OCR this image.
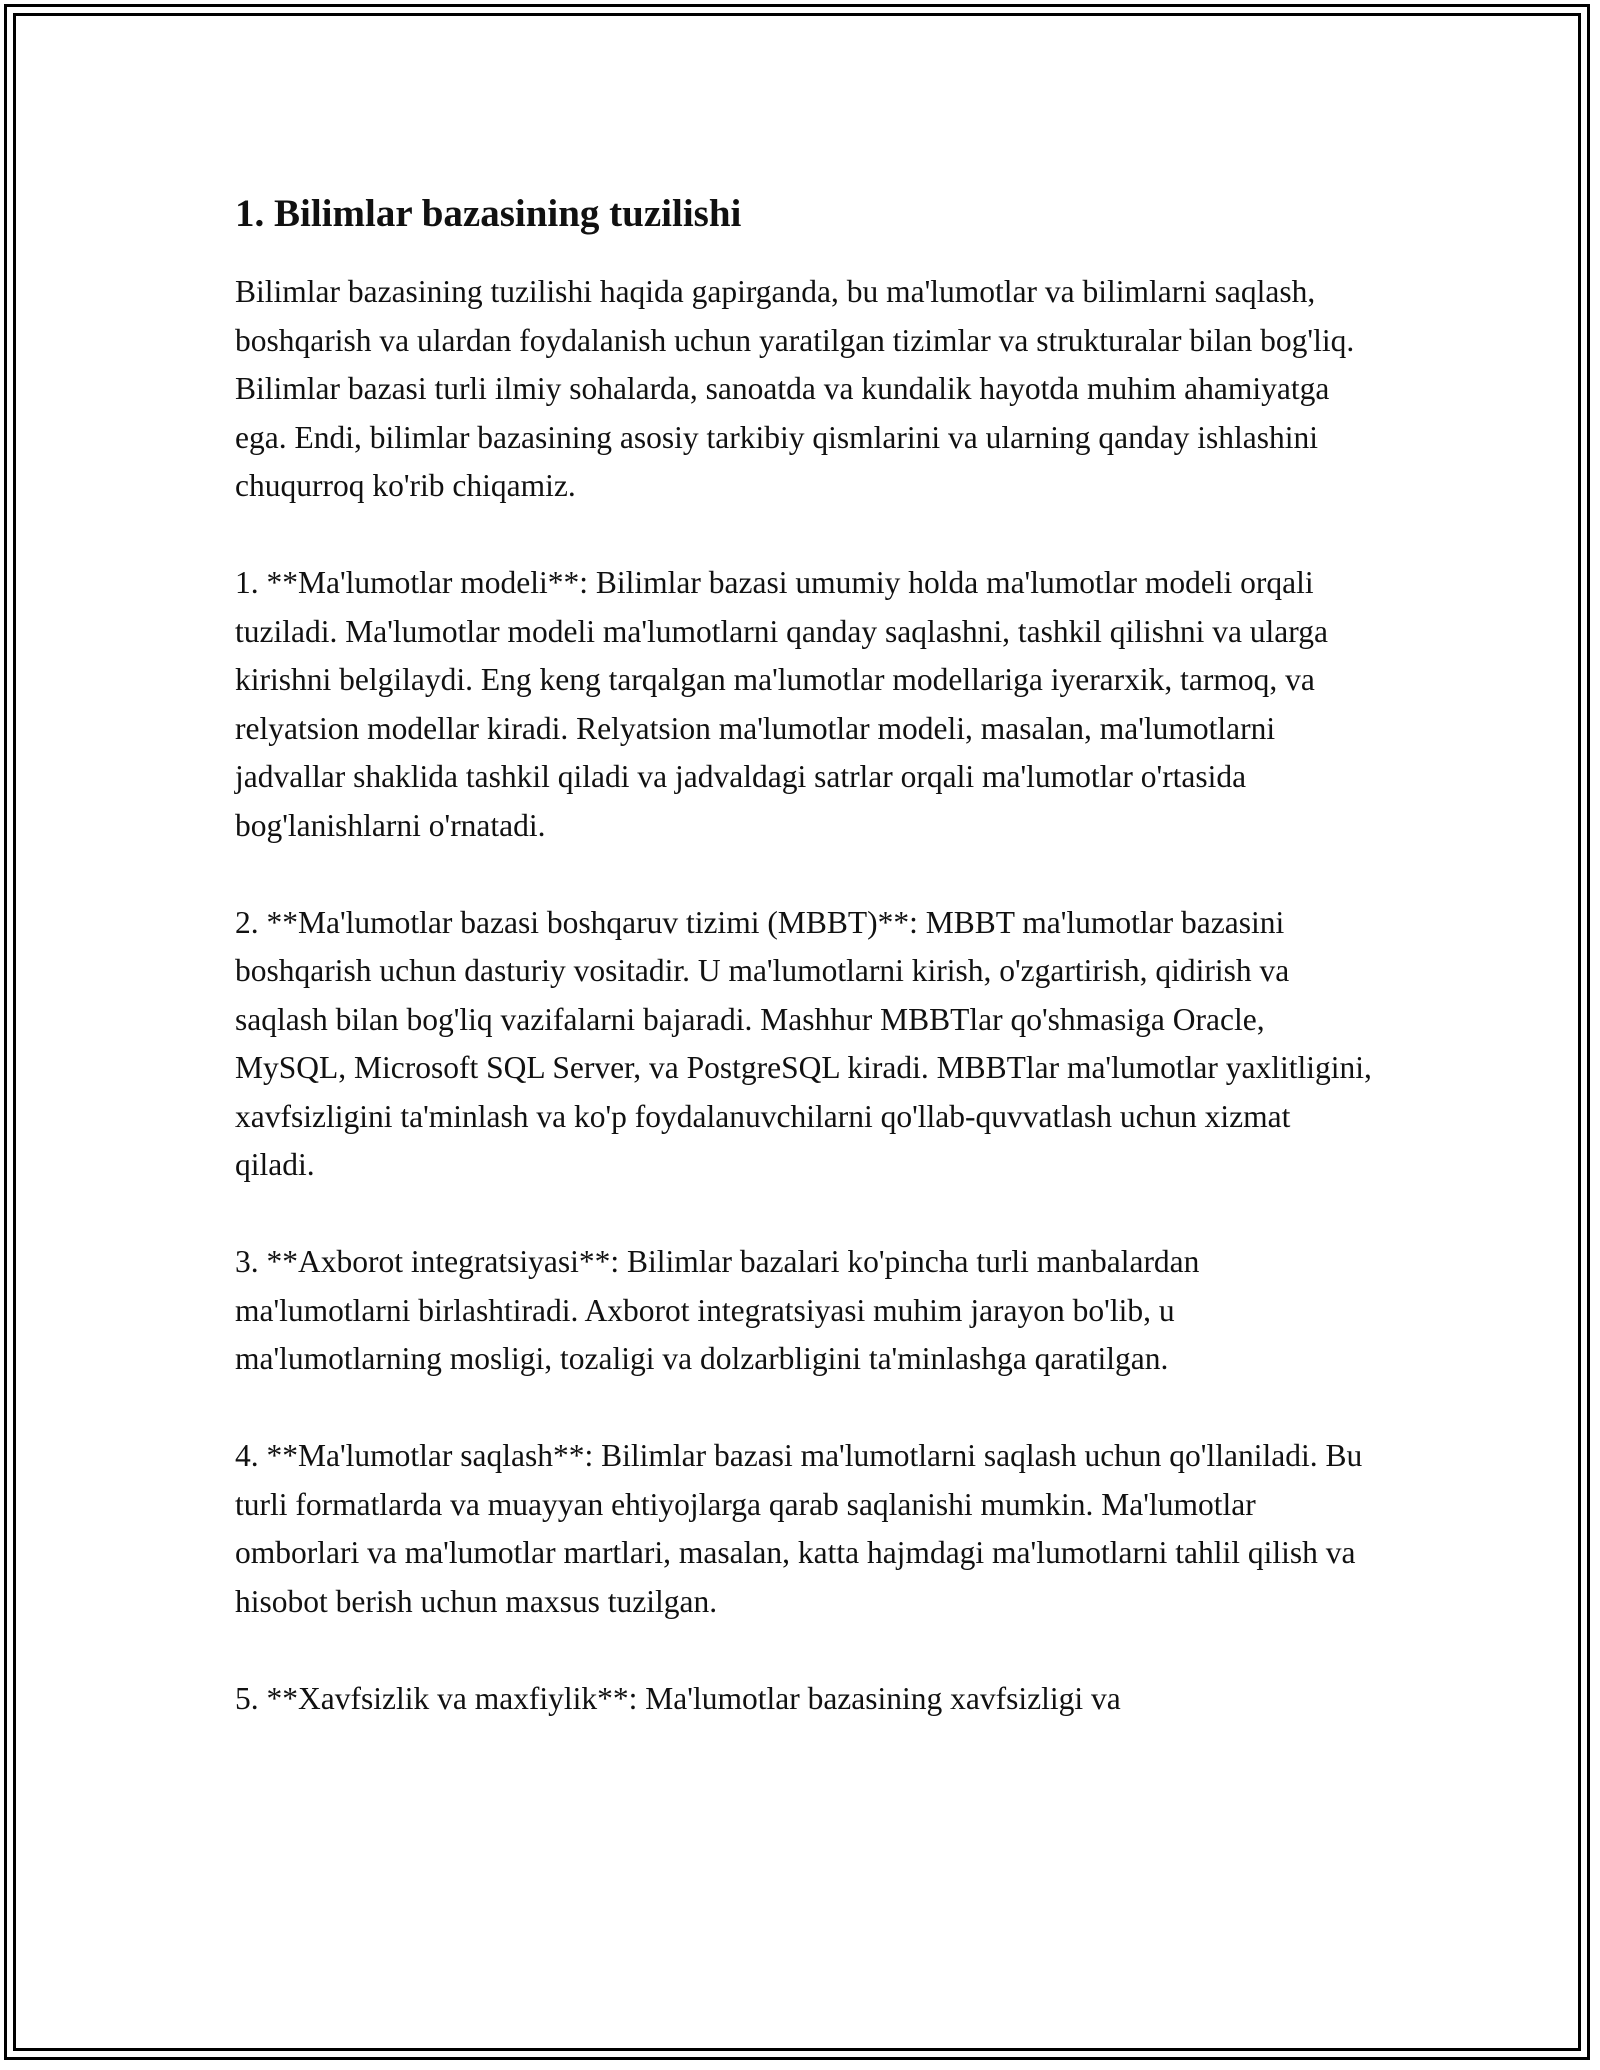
1. Bilimlar bazasining tuzilishi

Bilimlar bazasining tuzilishi haqida gapirganda, bu ma'lumotlar va bilimlarni saqlash, boshqarish va ulardan foydalanish uchun yaratilgan tizimlar va strukturalar bilan bog'liq. Bilimlar bazasi turli ilmiy sohalarda, sanoatda va kundalik hayotda muhim ahamiyatga ega. Endi, bilimlar bazasining asosiy tarkibiy qismlarini va ularning qanday ishlashini chuqurroq ko'rib chiqamiz.

1. **Ma'lumotlar modeli**: Bilimlar bazasi umumiy holda ma'lumotlar modeli orqali tuziladi. Ma'lumotlar modeli ma'lumotlarni qanday saqlashni, tashkil qilishni va ularga kirishni belgilaydi. Eng keng tarqalgan ma'lumotlar modellariga iyerarxik, tarmoq, va relyatsion modellar kiradi. Relyatsion ma'lumotlar modeli, masalan, ma'lumotlarni jadvallar shaklida tashkil qiladi va jadvaldagi satrlar orqali ma'lumotlar o'rtasida bog'lanishlarni o'rnatadi.

2. **Ma'lumotlar bazasi boshqaruv tizimi (MBBT)**: MBBT ma'lumotlar bazasini boshqarish uchun dasturiy vositadir. U ma'lumotlarni kirish, o'zgartirish, qidirish va saqlash bilan bog'liq vazifalarni bajaradi. Mashhur MBBTlar qo'shmasiga Oracle, MySQL, Microsoft SQL Server, va PostgreSQL kiradi. MBBTlar ma'lumotlar yaxlitligini, xavfsizligini ta'minlash va ko'p foydalanuvchilarni qo'llab-quvvatlash uchun xizmat qiladi.

3. **Axborot integratsiyasi**: Bilimlar bazalari ko'pincha turli manbalardan ma'lumotlarni birlashtiradi. Axborot integratsiyasi muhim jarayon bo'lib, u ma'lumotlarning mosligi, tozaligi va dolzarbligini ta'minlashga qaratilgan.

4. **Ma'lumotlar saqlash**: Bilimlar bazasi ma'lumotlarni saqlash uchun qo'llaniladi. Bu turli formatlarda va muayyan ehtiyojlarga qarab saqlanishi mumkin. Ma'lumotlar omborlari va ma'lumotlar martlari, masalan, katta hajmdagi ma'lumotlarni tahlil qilish va hisobot berish uchun maxsus tuzilgan.

5. **Xavfsizlik va maxfiylik**: Ma'lumotlar bazasining xavfsizligi va
